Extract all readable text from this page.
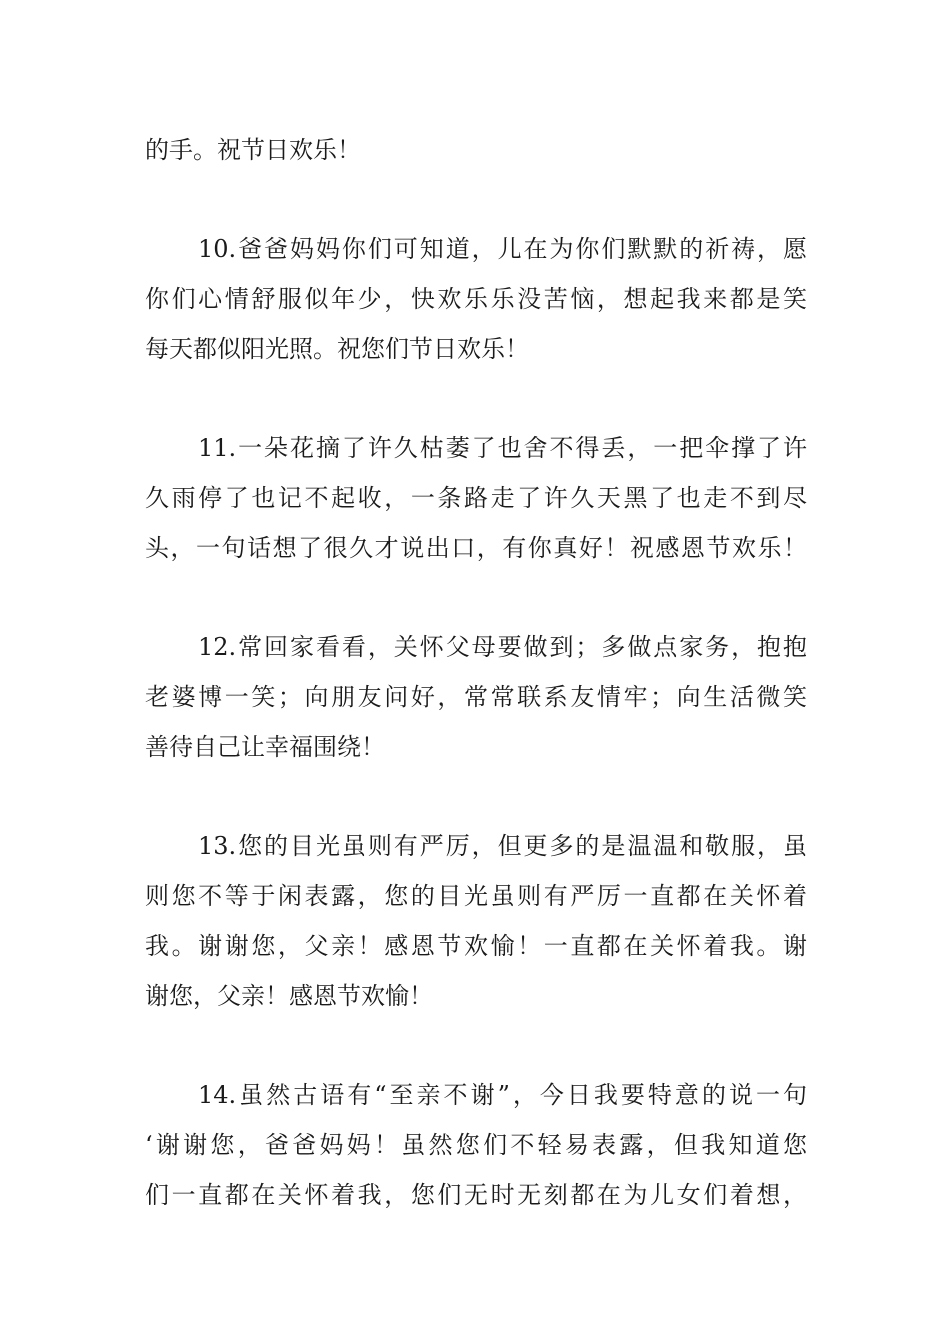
的手。祝节日欢乐！
10.爸爸妈妈你们可知道，儿在为你们默默的祈祷，愿
你们心情舒服似年少，快欢乐乐没苦恼，想起我来都是笑
每天都似阳光照。祝您们节日欢乐！
11.一朵花摘了许久枯萎了也舍不得丢，一把伞撑了许
久雨停了也记不起收，一条路走了许久天黑了也走不到尽
头，一句话想了很久才说出口，有你真好！祝感恩节欢乐！
12.常回家看看，关怀父母要做到；多做点家务，抱抱
老婆博一笑；向朋友问好，常常联系友情牢；向生活微笑
善待自己让幸福围绕！
13.您的目光虽则有严厉，但更多的是温温和敬服，虽
则您不等于闲表露，您的目光虽则有严厉一直都在关怀着
我。谢谢您，父亲！感恩节欢愉！一直都在关怀着我。谢
谢您，父亲！感恩节欢愉！
14.虽然古语有“至亲不谢”，今日我要特意的说一句
‘谢谢您，爸爸妈妈！虽然您们不轻易表露，但我知道您
们一直都在关怀着我，您们无时无刻都在为儿女们着想，
